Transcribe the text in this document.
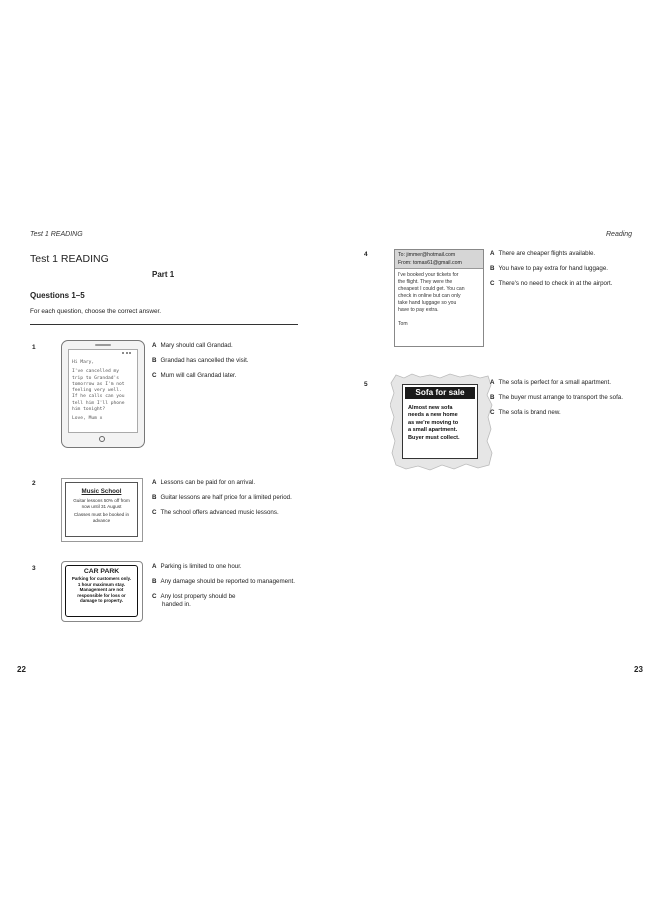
Test 1 READING
Test 1 READING
Part 1
Questions 1–5
For each question, choose the correct answer.
1
Hi Mary,
I've cancelled my
trip to Grandad's
tomorrow as I'm not
feeling very well.
If he calls can you
tell him I'll phone
him tonight?
Love, Mum x
A Mary should call Grandad.
B Grandad has cancelled the visit.
C Mum will call Grandad later.
2
Music School
Guitar lessons 50% off from
now until 31 August
Classes must be booked in
advance
A Lessons can be paid for on arrival.
B Guitar lessons are half price for a limited period.
C The school offers advanced music lessons.
3	CAR PARK
Parking for customers only.
1 hour maximum stay.
Management are not
responsible for loss or
damage to property.
A Parking is limited to one hour.
B Any damage should be reported to management.
C Any lost property should be
handed in.
22
Reading
4	To: jimmer@hotmail.com
From: tomas61@gmail.com
I've booked your tickets for
the flight. They were the
cheapest I could get. You can
check in online but can only
take hand luggage so you
have to pay extra.
Tom
A There are cheaper flights available.
B You have to pay extra for hand luggage.
C There's no need to check in at the airport.
5
Sofa for sale
Almost new sofa
needs a new home
as we're moving to
a small apartment.
Buyer must collect.
A The sofa is perfect for a small apartment.
B The buyer must arrange to transport the sofa.
C The sofa is brand new.
23
